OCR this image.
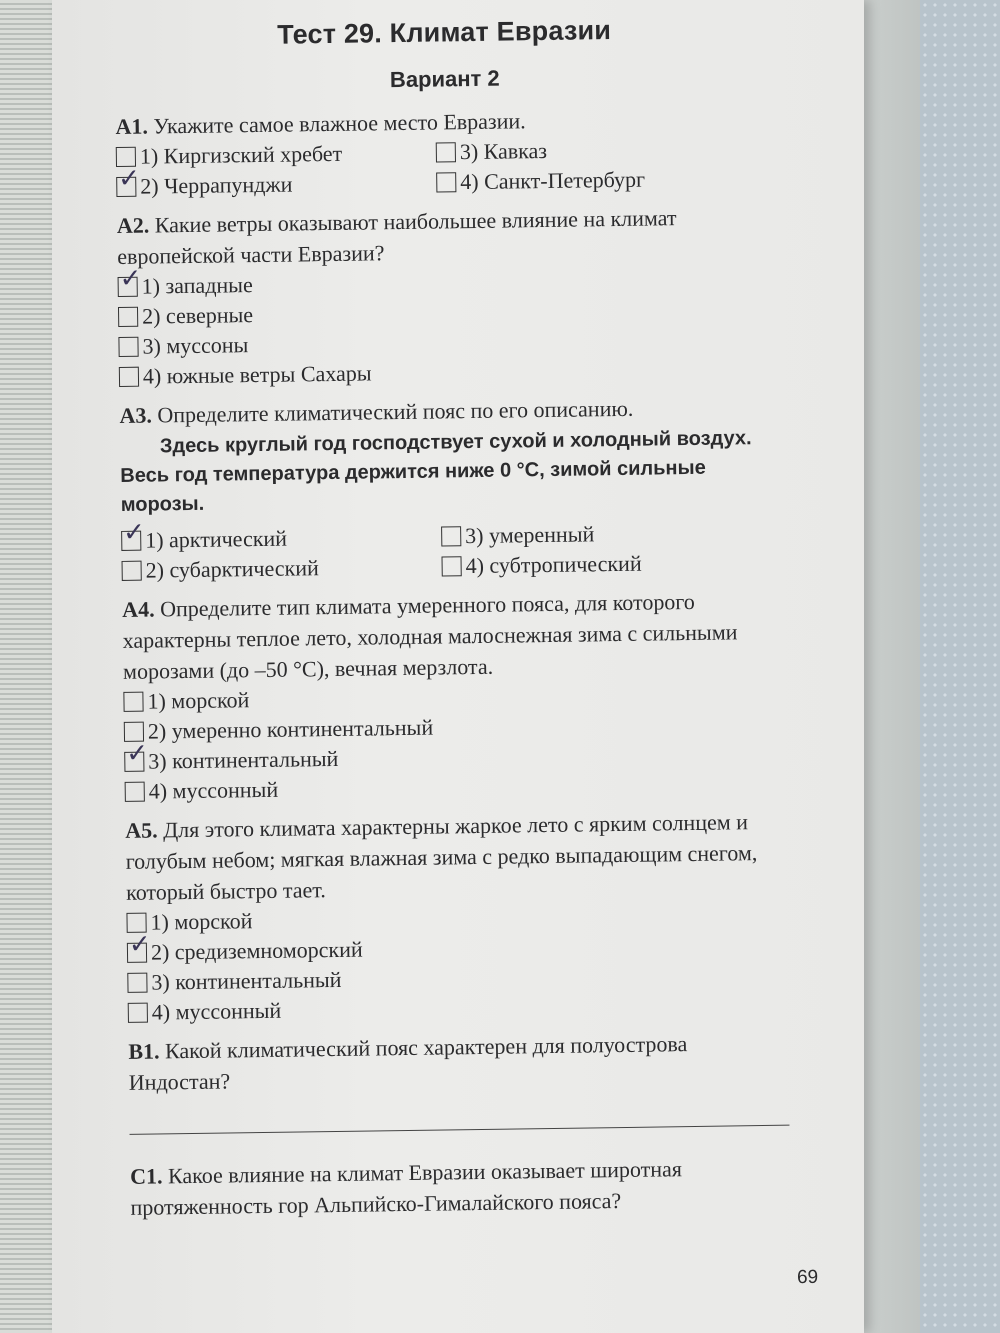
Тест 29. Климат Евразии
Вариант 2

А1. Укажите самое влажное место Евразии.

1) Киргизский хребет	3) Кавказ
✓
2) Черрапунджи	4) Санкт-Петербург

А2. Какие ветры оказывают наибольшее влияние на климат европейской части Евразии?

✓
1) западные
2) северные
3) муссоны
4) южные ветры Сахары

А3. Определите климатический пояс по его описанию.

Здесь круглый год господствует сухой и холодный воздух. Весь год температура держится ниже 0 °С, зимой сильные морозы.

✓
1) арктический	3) умеренный
2) субарктический	4) субтропический

А4. Определите тип климата умеренного пояса, для которого характерны теплое лето, холодная малоснежная зима с сильными морозами (до –50 °С), вечная мерзлота.

1) морской
2) умеренно континентальный
✓
3) континентальный
4) муссонный

А5. Для этого климата характерны жаркое лето с ярким солнцем и голубым небом; мягкая влажная зима с редко выпадающим снегом, который быстро тает.

1) морской
✓
2) средиземноморский
3) континентальный
4) муссонный

В1. Какой климатический пояс характерен для полуострова Индостан?

С1. Какое влияние на климат Евразии оказывает широтная протяженность гор Альпийско-Гималайского пояса?

69
